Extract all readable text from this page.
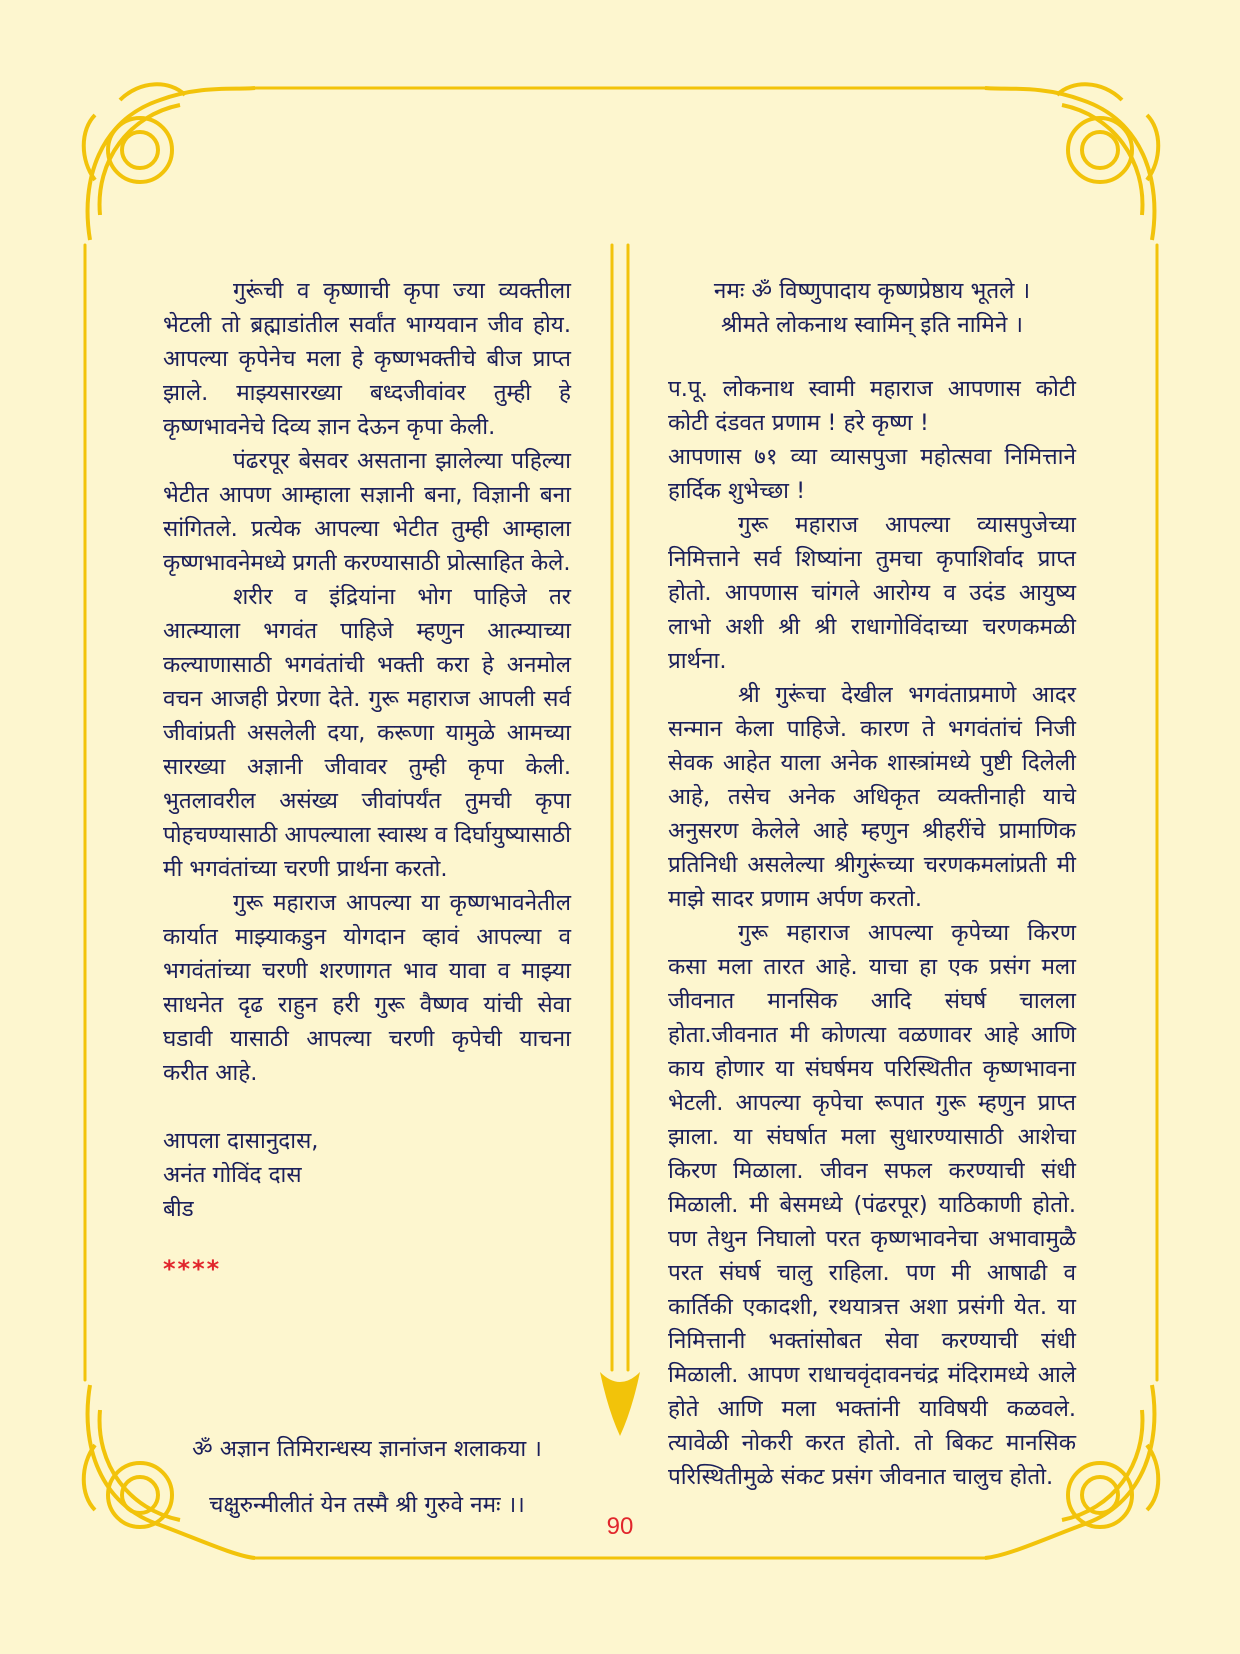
गुरूंची व कृष्णाची कृपा ज्या व्यक्तीला भेटली तो ब्रह्माडांतील सर्वांत भाग्यवान जीव होय. आपल्या कृपेनेच मला हे कृष्णभक्तीचे बीज प्राप्त झाले. माझ्यसारख्या बध्दजीवांवर तुम्ही हे कृष्णभावनेचे दिव्य ज्ञान देऊन कृपा केली.

पंढरपूर बेसवर असताना झालेल्या पहिल्या भेटीत आपण आम्हाला सज्ञानी बना, विज्ञानी बना सांगितले. प्रत्येक आपल्या भेटीत तुम्ही आम्हाला कृष्णभावनेमध्ये प्रगती करण्यासाठी प्रोत्साहित केले.

शरीर व इंद्रियांना भोग पाहिजे तर आत्म्याला भगवंत पाहिजे म्हणुन आत्म्याच्या कल्याणासाठी भगवंतांची भक्ती करा हे अनमोल वचन आजही प्रेरणा देते. गुरू महाराज आपली सर्व जीवांप्रती असलेली दया, करूणा यामुळे आमच्या सारख्या अज्ञानी जीवावर तुम्ही कृपा केली. भुतलावरील असंख्य जीवांपर्यंत तुमची कृपा पोहचण्यासाठी आपल्याला स्वास्थ व दिर्घायुष्यासाठी मी भगवंतांच्या चरणी प्रार्थना करतो.

गुरू महाराज आपल्या या कृष्णभावनेतील कार्यात माझ्याकडुन योगदान व्हावं आपल्या व भगवंतांच्या चरणी शरणागत भाव यावा व माझ्या साधनेत दृढ राहुन हरी गुरू वैष्णव यांची सेवा घडावी यासाठी आपल्या चरणी कृपेची याचना करीत आहे.

आपला दासानुदास,

अनंत गोविंद दास

बीड

****

ॐ अज्ञान तिमिरान्धस्य ज्ञानांजन शलाकया ।

चक्षुरुन्मीलीतं येन तस्मै श्री गुरुवे नमः ।।

नमः ॐ विष्णुपादाय कृष्णप्रेष्ठाय भूतले ।

श्रीमते लोकनाथ स्वामिन् इति नामिने ।

प.पू. लोकनाथ स्वामी महाराज आपणास कोटी कोटी दंडवत प्रणाम ! हरे कृष्ण !

आपणास ७१ व्या व्यासपुजा महोत्सवा निमित्ताने हार्दिक शुभेच्छा !

गुरू महाराज आपल्या व्यासपुजेच्या निमित्ताने सर्व शिष्यांना तुमचा कृपाशिर्वाद प्राप्त होतो. आपणास चांगले आरोग्य व उदंड आयुष्य लाभो अशी श्री श्री राधागोविंदाच्या चरणकमळी प्रार्थना.

श्री गुरूंचा देखील भगवंताप्रमाणे आदर सन्मान केला पाहिजे. कारण ते भगवंतांचं निजी सेवक आहेत याला अनेक शास्त्रांमध्ये पुष्टी दिलेली आहे, तसेच अनेक अधिकृत व्यक्तीनाही याचे अनुसरण केलेले आहे म्हणुन श्रीहरींचे प्रामाणिक प्रतिनिधी असलेल्या श्रीगुरूंच्या चरणकमलांप्रती मी माझे सादर प्रणाम अर्पण करतो.

गुरू महाराज आपल्या कृपेच्या किरण कसा मला तारत आहे. याचा हा एक प्रसंग मला जीवनात मानसिक आदि संघर्ष चालला होता.जीवनात मी कोणत्या वळणावर आहे आणि काय होणार या संघर्षमय परिस्थितीत कृष्णभावना भेटली. आपल्या कृपेचा रूपात गुरू म्हणुन प्राप्त झाला. या संघर्षात मला सुधारण्यासाठी आशेचा किरण मिळाला. जीवन सफल करण्याची संधी मिळाली. मी बेसमध्ये (पंढरपूर) याठिकाणी होतो. पण तेथुन निघालो परत कृष्णभावनेचा अभावामुळै परत संघर्ष चालु राहिला. पण मी आषाढी व कार्तिकी एकादशी, रथयात्रत्त अशा प्रसंगी येत. या निमित्तानी भक्तांसोबत सेवा करण्याची संधी मिळाली. आपण राधाचवृंदावनचंद्र मंदिरामध्ये आले होते आणि मला भक्तांनी याविषयी कळवले. त्यावेळी नोकरी करत होतो. तो बिकट मानसिक परिस्थितीमुळे संकट प्रसंग जीवनात चालुच होतो.

90
